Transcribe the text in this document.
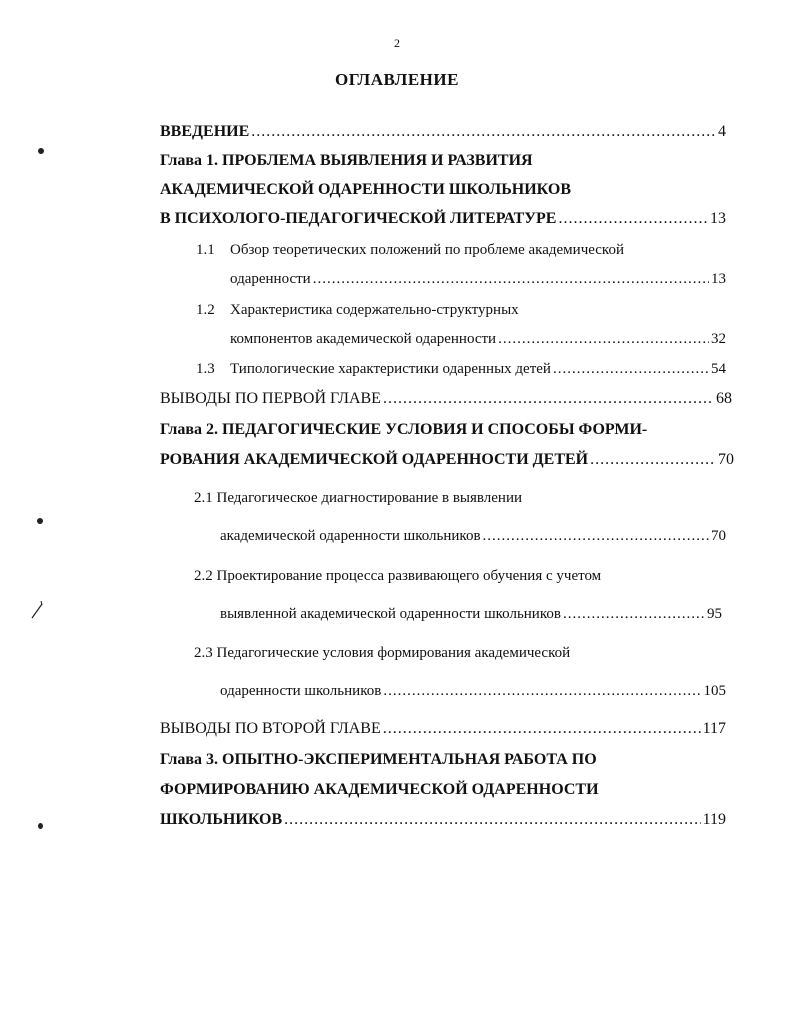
2
ОГЛАВЛЕНИЕ
ВВЕДЕНИЕ .....	4
Глава 1. ПРОБЛЕМА ВЫЯВЛЕНИЯ И РАЗВИТИЯ
АКАДЕМИЧЕСКОЙ ОДАРЕННОСТИ ШКОЛЬНИКОВ
В ПСИХОЛОГО-ПЕДАГОГИЧЕСКОЙ ЛИТЕРАТУРЕ .....	13
1.1 Обзор теоретических положений по проблеме академической
одаренности .....	13
1.2 Характеристика содержательно-структурных
компонентов академической одаренности .....	32
1.3 Типологические характеристики одаренных детей .....	54
ВЫВОДЫ ПО ПЕРВОЙ ГЛАВЕ .....	68
Глава 2. ПЕДАГОГИЧЕСКИЕ УСЛОВИЯ И СПОСОБЫ ФОРМИ-
РОВАНИЯ АКАДЕМИЧЕСКОЙ ОДАРЕННОСТИ ДЕТЕЙ .....	70
2.1 Педагогическое диагностирование в выявлении
академической одаренности школьников .....	70
2.2 Проектирование процесса развивающего обучения с учетом
выявленной академической одаренности школьников .....	95
2.3 Педагогические условия формирования академической
одаренности школьников .....	105
ВЫВОДЫ ПО ВТОРОЙ ГЛАВЕ .....	117
Глава 3. ОПЫТНО-ЭКСПЕРИМЕНТАЛЬНАЯ РАБОТА ПО
ФОРМИРОВАНИЮ АКАДЕМИЧЕСКОЙ ОДАРЕННОСТИ
ШКОЛЬНИКОВ .....	119
